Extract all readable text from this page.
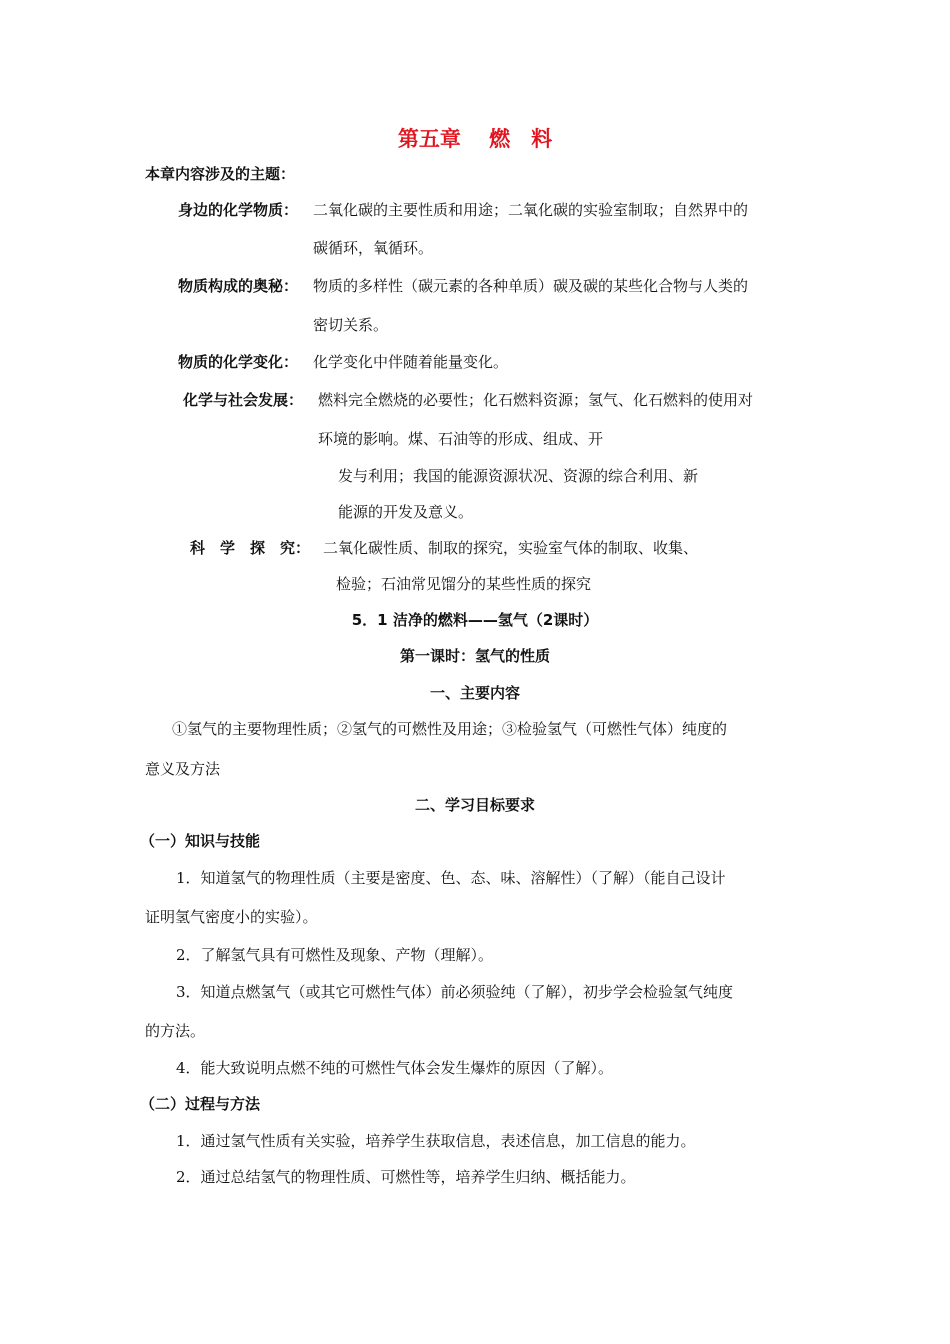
第五章　 燃　料
本章内容涉及的主题：
身边的化学物质： 二氧化碳的主要性质和用途；二氧化碳的实验室制取；自然界中的
碳循环，氧循环。
物质构成的奥秘： 物质的多样性（碳元素的各种单质）碳及碳的某些化合物与人类的
密切关系。
物质的化学变化： 化学变化中伴随着能量变化。
化学与社会发展： 燃料完全燃烧的必要性；化石燃料资源；氢气、化石燃料的使用对
环境的影响。煤、石油等的形成、组成、开
发与利用；我国的能源资源状况、资源的综合利用、新
能源的开发及意义。
科　学　探　究： 二氧化碳性质、制取的探究，实验室气体的制取、收集、
检验；石油常见馏分的某些性质的探究
5．1 洁净的燃料——氢气（2课时）
第一课时：氢气的性质
一、主要内容
①氢气的主要物理性质；②氢气的可燃性及用途；③检验氢气（可燃性气体）纯度的
意义及方法
二、学习目标要求
（一）知识与技能
1．知道氢气的物理性质（主要是密度、色、态、味、溶解性）（了解）（能自己设计
证明氢气密度小的实验）。
2．了解氢气具有可燃性及现象、产物（理解）。
3．知道点燃氢气（或其它可燃性气体）前必须验纯（了解），初步学会检验氢气纯度
的方法。
4．能大致说明点燃不纯的可燃性气体会发生爆炸的原因（了解）。
（二）过程与方法
1．通过氢气性质有关实验，培养学生获取信息，表述信息，加工信息的能力。
2．通过总结氢气的物理性质、可燃性等，培养学生归纳、概括能力。
